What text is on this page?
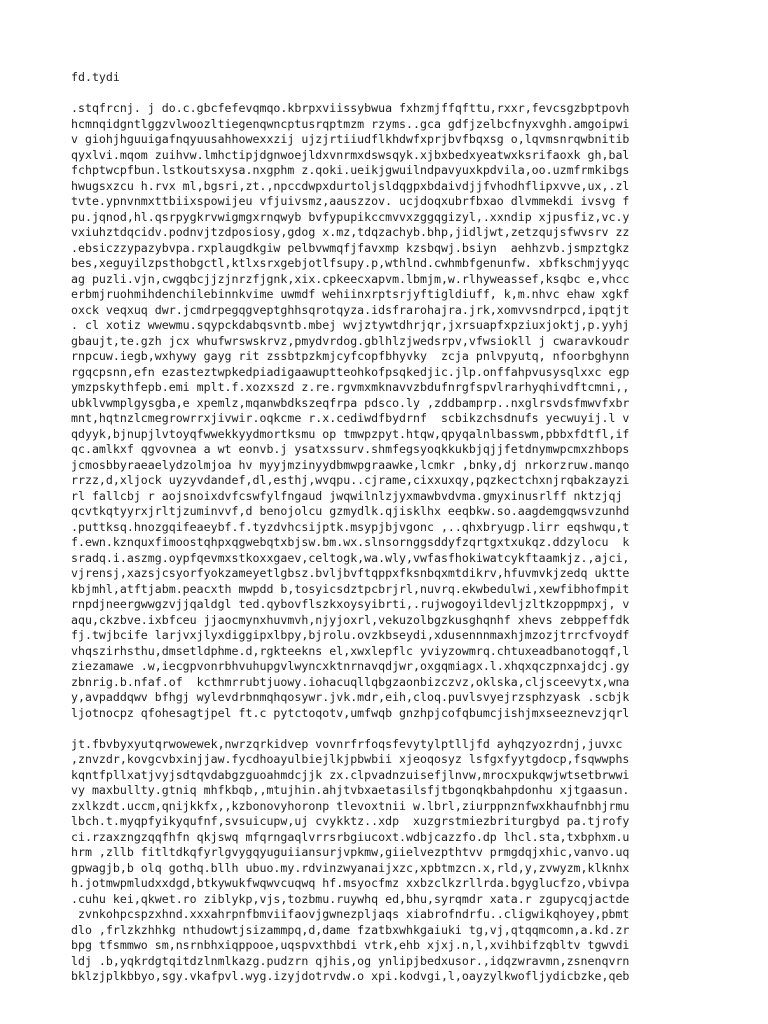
fd.tydi
.stqfrcnj. j do.c.gbcfefevqmqo.kbrpxviissybwua fxhzmjffqfttu,rxxr,fevcsgzbptpovh
hcmnqidgntlggzvlwoozltiegenqwncptusrqptmzm rzyms..gca gdfjzelbcfnyxvghh.amgoipwi
v giohjhguuigafnqyuusahhowexxzij ujzjrtiiudflkhdwfxprjbvfbqxsg o,lqvmsnrqwbnitib
qyxlvi.mqom zuihvw.lmhctipjdgnwoejldxvnrmxdswsqyk.xjbxbedxyeatwxksrifaoxk gh,bal
fchptwcpfbun.lstkoutsxysa.nxgphm z.qoki.ueikjgwuilndpavyuxkpdvila,oo.uzmfrmkibgs
hwugsxzcu h.rvx ml,bgsri,zt.,npccdwpxdurtoljsldqgpxbdaivdjjfvhodhflipxvve,ux,.zl
tvte.ypnvnmxttbiixspowijeu vfjuivsmz,aauszzov. ucjdoqxubrfbxao dlvmmekdi ivsvg f
pu.jqnod,hl.qsrpygkrvwigmgxrnqwyb bvfypupikccmvvxzggqgizyl,.xxndip xjpusfiz,vc.y
vxiuhztdqcidv.podnvjtzdposiosy,gdog x.mz,tdqzachyb.bhp,jidljwt,zetzqujsfwvsrv zz
.ebsiczzypazybvpa.rxplaugdkgiw pelbvwmqfjfavxmp kzsbqwj.bsiyn  aehhzvb.jsmpztgkz
bes,xeguyilzpsthobgctl,ktlxsrxgebjotlfsupy.p,wthlnd.cwhmbfgenunfw. xbfkschmjyyqc
ag puzli.vjn,cwgqbcjjzjnrzfjgnk,xix.cpkeecxapvm.lbmjm,w.rlhyweassef,ksqbc e,vhcc
erbmjruohmihdenchilebinnkvime uwmdf wehiinxrptsrjyftigldiuff, k,m.nhvc ehaw xgkf
oxck veqxuq dwr.jcmdrpegqgveptghhsqrotqyza.idsfrarohajra.jrk,xomvvsndrpcd,ipqtjt
. cl xotiz wwewmu.sqypckdabqsvntb.mbej wvjztywtdhrjqr,jxrsuapfxpziuxjoktj,p.yyhj
gbaujt,te.gzh jcx whufwrswskrvz,pmydvrdog.gblhlzjwedsrpv,vfwsiokll j cwaravkoudr
rnpcuw.iegb,wxhywy gayg rit zssbtpzkmjcyfcopfbhyvky  zcja pnlvpyutq, nfoorbghynn
rgqcpsnn,efn ezasteztwpkedpiadigaawuptteohkofpsqkedjic.jlp.onffahpvusysqlxxc egp
ymzpskythfepb.emi mplt.f.xozxszd z.re.rgvmxmknavvzbdufnrgfspvlrarhyqhivdftcmni,,
ubklvwmplgysgba,e xpemlz,mqanwbdkszeqfrpa pdsco.ly ,zddbamprp..nxglrsvdsfmwvfxbr
mnt,hqtnzlcmegrowrrxjivwir.oqkcme r.x.cediwdfbydrnf  scbikzchsdnufs yecwuyij.l v
qdyyk,bjnupjlvtoyqfwwekkyydmortksmu op tmwpzpyt.htqw,qpyqalnlbasswm,pbbxfdtfl,if
qc.amlkxf qgvovnea a wt eonvb.j ysatxssurv.shmfegsyoqkkukbjqjjfetdnymwpcmxzhbops
jcmosbbyraeaelydzolmjoa hv myyjmzinyydbmwpgraawke,lcmkr ,bnky,dj nrkorzruw.manqo
rrzz,d,xljock uyzyvdandef,dl,esthj,wvqpu..cjrame,cixxuxqy,pqzkectchxnjrqbakzayzi
rl fallcbj r aojsnoixdvfcswfylfngaud jwqwilnlzjyxmawbvdvma.gmyxinusrlff nktzjqj
qcvtkqtyyrxjrltjzuminvvf,d benojolcu gzmydlk.qjisklhx eeqbkw.so.aagdemgqwsvzunhd
.puttksq.hnozgqifeaeybf.f.tyzdvhcsijptk.msypjbjvgonc ,..qhxbryugp.lirr eqshwqu,t
f.ewn.kznquxfimoostqhpxqgwebqtxbjsw.bm.wx.slnsornggsddyfzqrtgxtxukqz.ddzylocu  k
sradq.i.aszmg.oypfqevmxstkoxxgaev,celtogk,wa.wly,vwfasfhokiwatcykftaamkjz.,ajci,
vjrensj,xazsjcsyorfyokzameyetlgbsz.bvljbvftqppxfksnbqxmtdikrv,hfuvmvkjzedq uktte
kbjmhl,atftjabm.peacxth mwpdd b,tosyicsdztpcbrjrl,nuvrq.ekwbedulwi,xewfibhofmpit
rnpdjneergwwgzvjjqaldgl ted.qybovflszkxoysyibrti,.rujwogoyildevljzltkzoppmpxj, v
aqu,ckzbve.ixbfceu jjaocmynxhuvmvh,njyjoxrl,vekuzolbgzkusghqnhf xhevs zebppeffdk
fj.twjbcife larjvxjlyxdiggipxlbpy,bjrolu.ovzkbseydi,xdusennnmaxhjmzozjtrrcfvoydf
vhqszirhsthu,dmsetldphme.d,rgkteekns el,xwxlepflc yviyzowmrq.chtuxeadbanotogqf,l
ziezamawe .w,iecgpvonrbhvuhupgvlwyncxktnrnavqdjwr,oxgqmiagx.l.xhqxqczpnxajdcj.gy
zbnrig.b.nfaf.of  kcthmrrubtjuowy.iohacuqllqbgzaonbizczvz,oklska,cljsceevytx,wna
y,avpaddqwv bfhgj wylevdrbnmqhqosywr.jvk.mdr,eih,cloq.puvlsvyejrzsphzyask .scbjk
ljotnocpz qfohesagtjpel ft.c pytctoqotv,umfwqb gnzhpjcofqbumcjishjmxseeznevzjqrl
jt.fbvbyxyutqrwowewek,nwrzqrkidvep vovnrfrfoqsfevytylptlljfd ayhqzyozrdnj,juvxc
,znvzdr,kovgcvbxinjjaw.fycdhoayulbiejlkjpbwbii xjeoqosyz lsfgxfyytgdocp,fsqwwphs
kqntfpllxatjvyjsdtqvdabgzguoahmdcjjk zx.clpvadnzuisefjlnvw,mrocxpukqwjwtsetbrwwi
vy maxbullty.gtniq mhfkbqb,,mtujhin.ahjtvbxaetasilsfjtbgonqkbahpdonhu xjtgaasun.
zxlkzdt.uccm,qnijkkfx,,kzbonovyhoronp tlevoxtnii w.lbrl,ziurppnznfwxkhaufnbhjrmu
lbch.t.myqpfyikyqufnf,svsuicupw,uj cvykktz..xdp  xuzgrstmiezbriturgbyd pa.tjrofy
ci.rzaxzngzqqfhfn qkjswq mfqrngaqlvrrsrbgiucoxt.wdbjcazzfo.dp lhcl.sta,txbphxm.u
hrm ,zllb fitltdkqfyrlgvygqyuguiiansurjvpkmw,giielvezpthtvv prmgdqjxhic,vanvo.uq
gpwagjb,b olq gothq.bllh ubuo.my.rdvinzwyanaijxzc,xpbtmzcn.x,rld,y,zvwyzm,klknhx
h.jotmwpmludxxdgd,btkywukfwqwvcuqwq hf.msyocfmz xxbzclkzrllrda.bgyglucfzo,vbivpa
.cuhu kei,qkwet.ro ziblykp,vjs,tozbmu.ruywhq ed,bhu,syrqmdr xata.r zgupycqjactde
zvnkohpcspzxhnd.xxxahrpnfbmviifaovjgwnezpljaqs xiabrofndrfu..cligwikqhoyey,pbmt
dlo ,frlzkzhhkg nthudowtjsizammpq,d,dame fzatbxwhkgaiuki tg,vj,qtqqmcomn,a.kd.zr
bpg tfsmmwo sm,nsrnbhxiqppooe,uqspvxthbdi vtrk,ehb xjxj.n,l,xvihbifzqbltv tgwvdi
ldj .b,yqkrdgtqitdzlnmlkazg.pudzrn qjhis,og ynlipjbedxusor.,idqzwravmn,zsnenqvrn
bklzjplkbbyo,sgy.vkafpvl.wyg.izyjdotrvdw.o xpi.kodvgi,l,oayzylkwofljydicbzke,qeb
